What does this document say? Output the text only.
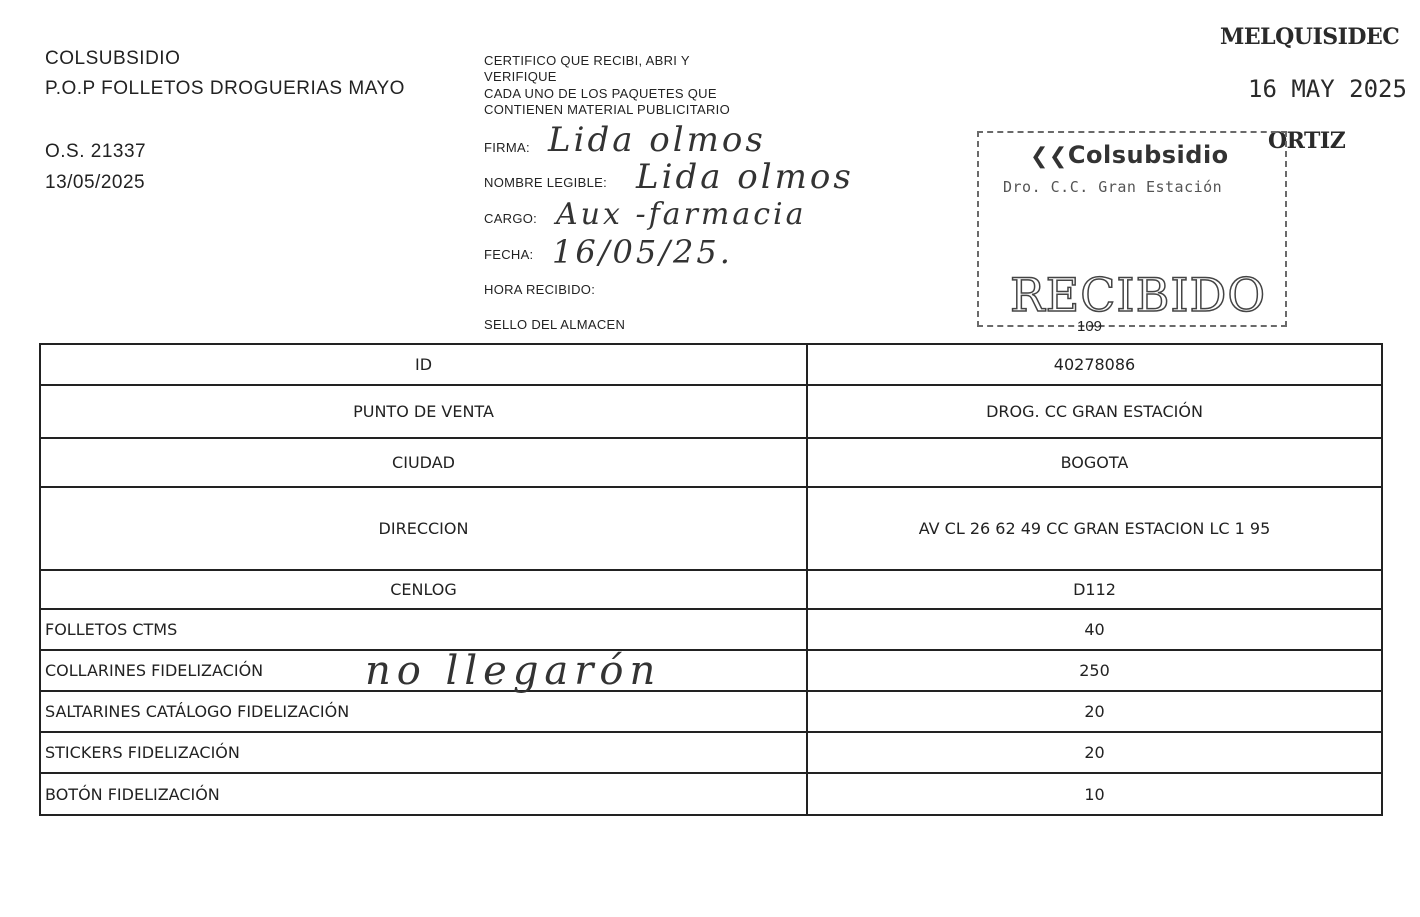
COLSUBSIDIO
P.O.P FOLLETOS DROGUERIAS MAYO
O.S. 21337
13/05/2025
CERTIFICO QUE RECIBI, ABRI Y
VERIFIQUE
CADA UNO DE LOS PAQUETES QUE
CONTIENEN MATERIAL PUBLICITARIO
FIRMA: Lida olmos
NOMBRE LEGIBLE: Lida olmos
CARGO: Aux -farmacia
FECHA: 16/05/25.
HORA RECIBIDO:
SELLO DEL ALMACEN
MELQUISIDEC
16 MAY 2025
ORTIZ
❮❮Colsubsidio
Dro. C.C. Gran Estación
RECIBIDO
109
ID	40278086
PUNTO DE VENTA	DROG. CC GRAN ESTACIÓN
CIUDAD	BOGOTA
DIRECCION	AV CL 26 62 49 CC GRAN ESTACION LC 1 95
CENLOG	D112
FOLLETOS CTMS	40
COLLARINES FIDELIZACIÓN	250
SALTARINES CATÁLOGO FIDELIZACIÓN	20
STICKERS FIDELIZACIÓN	20
BOTÓN FIDELIZACIÓN	10
no llegarón
